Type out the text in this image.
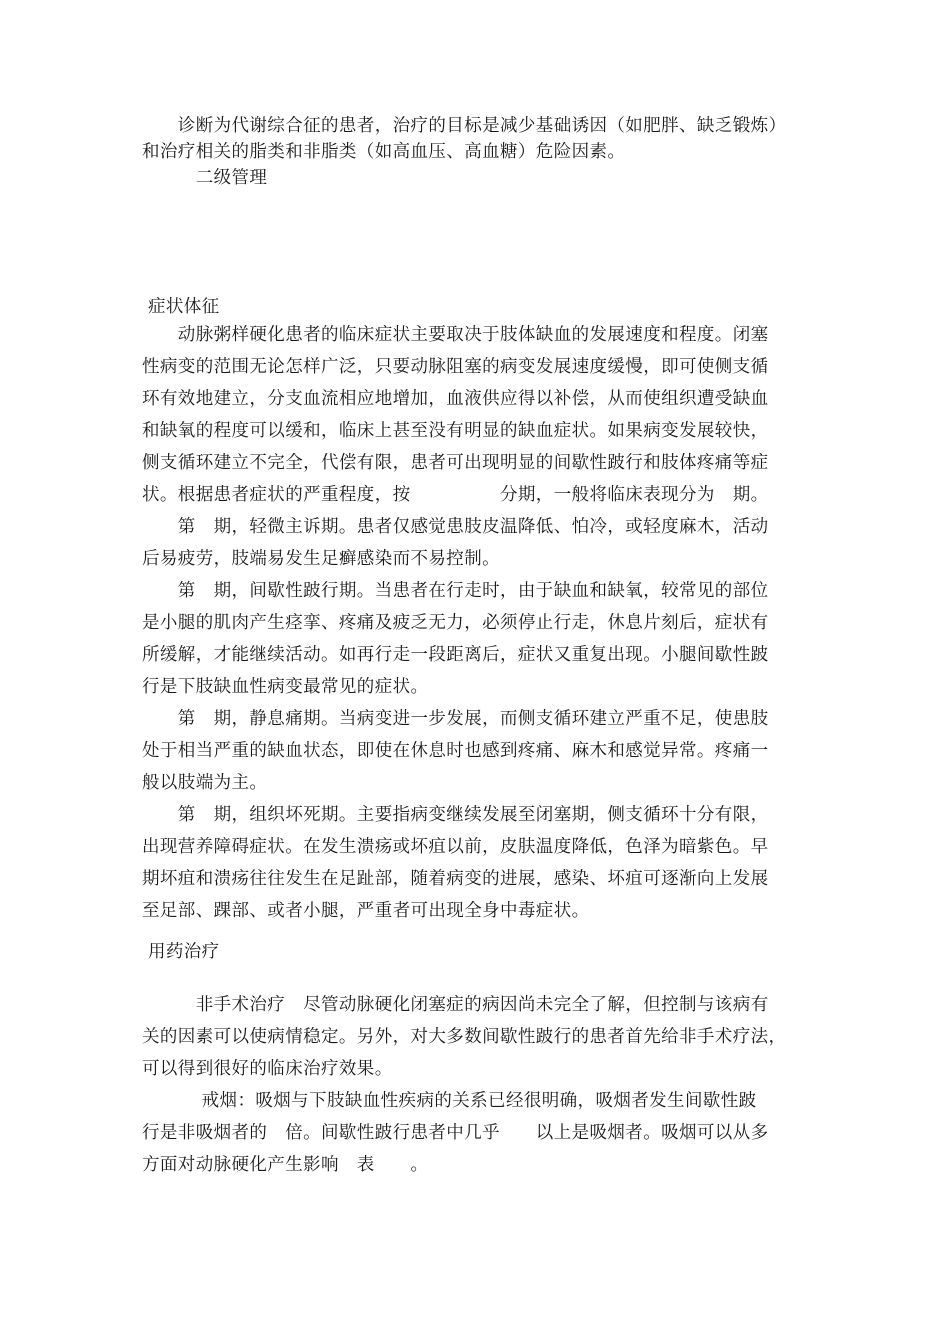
　　诊断为代谢综合征的患者，治疗的目标是减少基础诱因（如肥胖、缺乏锻炼）
和治疗相关的脂类和非脂类（如高血压、高血糖）危险因素。
　　　二级管理
症状体征
　　动脉粥样硬化患者的临床症状主要取决于肢体缺血的发展速度和程度。闭塞
性病变的范围无论怎样广泛，只要动脉阻塞的病变发展速度缓慢，即可使侧支循
环有效地建立，分支血流相应地增加，血液供应得以补偿，从而使组织遭受缺血
和缺氧的程度可以缓和，临床上甚至没有明显的缺血症状。如果病变发展较快，
侧支循环建立不完全，代偿有限，患者可出现明显的间歇性跛行和肢体疼痛等症
状。根据患者症状的严重程度，按　　　　　分期，一般将临床表现分为　期。
　　第　期，轻微主诉期。患者仅感觉患肢皮温降低、怕冷，或轻度麻木，活动
后易疲劳，肢端易发生足癣感染而不易控制。
　　第　期，间歇性跛行期。当患者在行走时，由于缺血和缺氧，较常见的部位
是小腿的肌肉产生痉挛、疼痛及疲乏无力，必须停止行走，休息片刻后，症状有
所缓解，才能继续活动。如再行走一段距离后，症状又重复出现。小腿间歇性跛
行是下肢缺血性病变最常见的症状。
　　第　期，静息痛期。当病变进一步发展，而侧支循环建立严重不足，使患肢
处于相当严重的缺血状态，即使在休息时也感到疼痛、麻木和感觉异常。疼痛一
般以肢端为主。
　　第　期，组织坏死期。主要指病变继续发展至闭塞期，侧支循环十分有限，
出现营养障碍症状。在发生溃疡或坏疽以前，皮肤温度降低，色泽为暗紫色。早
期坏疽和溃疡往往发生在足趾部，随着病变的进展，感染、坏疽可逐渐向上发展
至足部、踝部、或者小腿，严重者可出现全身中毒症状。
用药治疗
　　　非手术治疗　尽管动脉硬化闭塞症的病因尚未完全了解，但控制与该病有
关的因素可以使病情稳定。另外，对大多数间歇性跛行的患者首先给非手术疗法，
可以得到很好的临床治疗效果。
　　　 戒烟：吸烟与下肢缺血性疾病的关系已经很明确，吸烟者发生间歇性跛
行是非吸烟者的　倍。间歇性跛行患者中几乎　　以上是吸烟者。吸烟可以从多
方面对动脉硬化产生影响　表　　。
